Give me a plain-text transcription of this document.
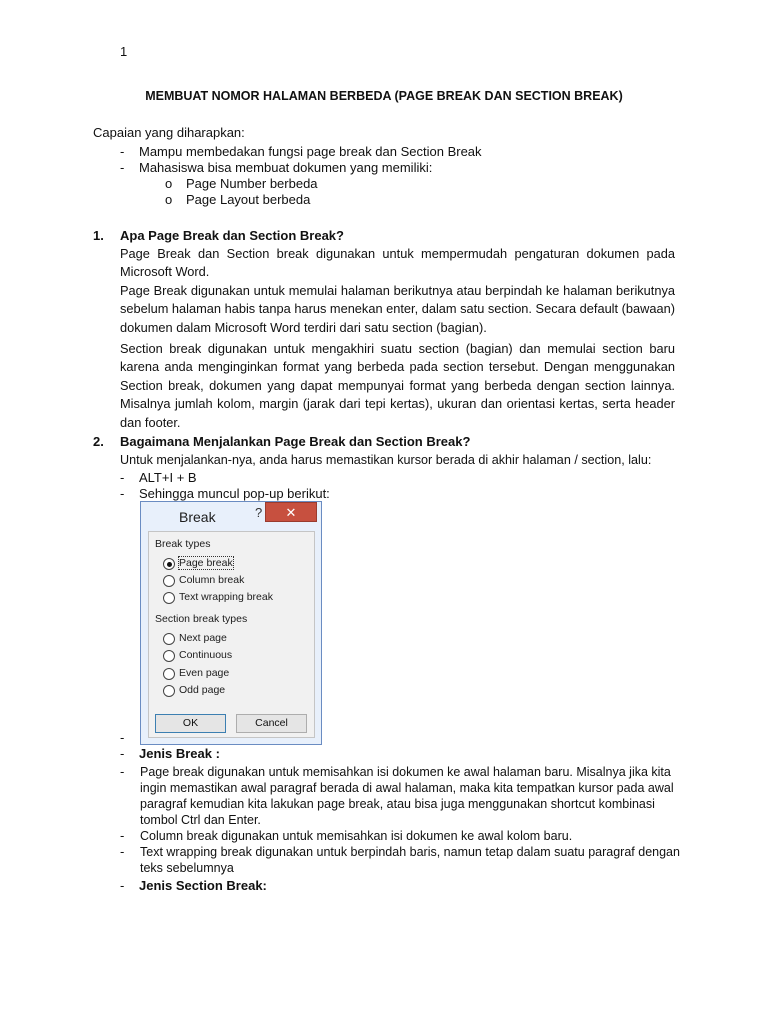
1
MEMBUAT NOMOR HALAMAN BERBEDA (PAGE BREAK DAN SECTION BREAK)
Capaian yang diharapkan:
- Mampu membedakan fungsi page break dan Section Break
- Mahasiswa bisa membuat dokumen yang memiliki:
o Page Number berbeda
o Page Layout berbeda
1. Apa Page Break dan Section Break?
Page Break dan Section break digunakan untuk mempermudah pengaturan dokumen pada Microsoft Word.
Page Break digunakan untuk memulai halaman berikutnya atau berpindah ke halaman berikutnya sebelum halaman habis tanpa harus menekan enter, dalam satu section. Secara default (bawaan) dokumen dalam Microsoft Word terdiri dari satu section (bagian).
Section break digunakan untuk mengakhiri suatu section (bagian) dan memulai section baru karena anda menginginkan format yang berbeda pada section tersebut. Dengan menggunakan Section break, dokumen yang dapat mempunyai format yang berbeda dengan section lainnya. Misalnya jumlah kolom, margin (jarak dari tepi kertas), ukuran dan orientasi kertas, serta header dan footer.
2. Bagaimana Menjalankan Page Break dan Section Break?
Untuk menjalankan-nya, anda harus memastikan kursor berada di akhir halaman / section, lalu:
- ALT+I + B
- Sehingga muncul pop-up berikut:
Break	?	✕
Break types
Page break
Column break
Text wrapping break
Section break types
Next page
Continuous
Even page
Odd page
OK	Cancel
-
- Jenis Break :
- Page break digunakan untuk memisahkan isi dokumen ke awal halaman baru. Misalnya jika kita ingin memastikan awal paragraf berada di awal halaman, maka kita tempatkan kursor pada awal paragraf kemudian kita lakukan page break, atau bisa juga menggunakan shortcut kombinasi tombol Ctrl dan Enter.
- Column break digunakan untuk memisahkan isi dokumen ke awal kolom baru.
- Text wrapping break digunakan untuk berpindah baris, namun tetap dalam suatu paragraf dengan teks sebelumnya
- Jenis Section Break:
